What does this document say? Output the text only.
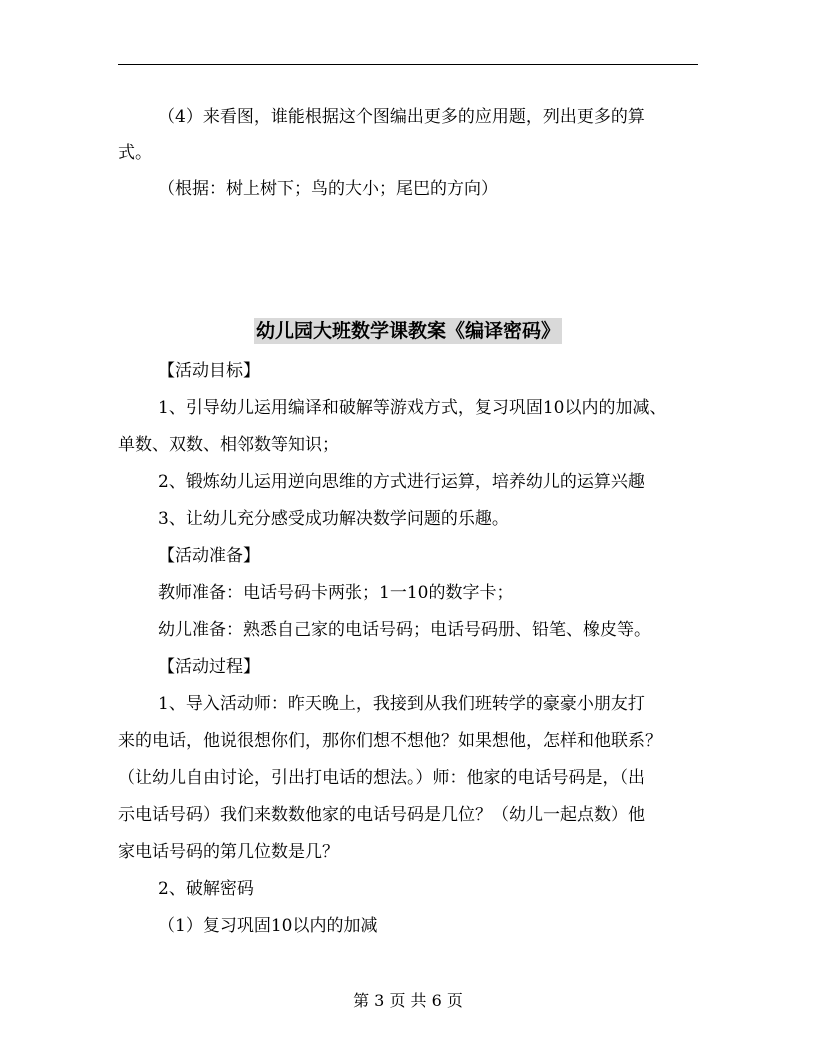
（4）来看图，谁能根据这个图编出更多的应用题，列出更多的算
式。
（根据：树上树下；鸟的大小；尾巴的方向）
幼儿园大班数学课教案《编译密码》
【活动目标】
1、引导幼儿运用编译和破解等游戏方式，复习巩固10以内的加减、
单数、双数、相邻数等知识；
2、锻炼幼儿运用逆向思维的方式进行运算，培养幼儿的运算兴趣
3、让幼儿充分感受成功解决数学问题的乐趣。
【活动准备】
教师准备：电话号码卡两张；1一10的数字卡；
幼儿准备：熟悉自己家的电话号码；电话号码册、铅笔、橡皮等。
【活动过程】
1、导入活动师：昨天晚上，我接到从我们班转学的豪豪小朋友打
来的电话，他说很想你们，那你们想不想他？如果想他，怎样和他联系？
（让幼儿自由讨论，引出打电话的想法。）师：他家的电话号码是，（出
示电话号码）我们来数数他家的电话号码是几位？（幼儿一起点数）他
家电话号码的第几位数是几？
2、破解密码
（1）复习巩固10以内的加减
第 3 页 共 6 页
